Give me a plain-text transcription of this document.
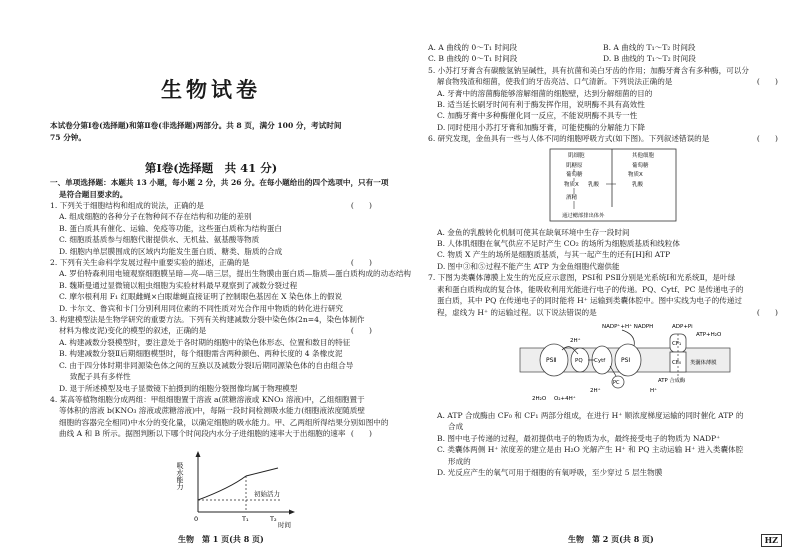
生物试卷
本试卷分第Ⅰ卷(选择题)和第Ⅱ卷(非选择题)两部分。共 8 页，满分 100 分，考试时间
75 分钟。
第Ⅰ卷(选择题　共 41 分)
一、单项选择题：本题共 13 小题，每小题 2 分，共 26 分。在每小题给出的四个选项中，只有一项
是符合题目要求的。
(　　)
1. 下列关于细胞结构和组成的说法，正确的是
A. 组成细胞的各种分子在物种间不存在结构和功能的差别
B. 蛋白质具有催化、运输、免疫等功能，这些蛋白质称为结构蛋白
C. 细胞质基质参与细胞代谢提供水、无机盐、氨基酸等物质
D. 细胞内单层膜围成的区域内均能发生蛋白质、糖类、脂质的合成
(　　)
2. 下列有关生命科学发展过程中重要实验的描述，正确的是
A. 罗伯特森利用电镜观察细胞膜呈暗—亮—暗三层，提出生物膜由蛋白质—脂质—蛋白质构成的动态结构
B. 魏斯曼通过显微镜以粗虫细胞为实验材料最早观察到了减数分裂过程
C. 摩尔根利用 F₁ 红眼雌蝇×白眼雄蝇直接证明了控制眼色基因在 X 染色体上的假说
D. 卡尔文、鲁宾和卡门分别利用同位素的不同性质对光合作用中物质的转化进行研究
3. 构建模型法是生物学研究的重要方法。下列有关构建减数分裂中染色体(2n=4，染色体制作
(　　)
材料为橡皮泥)变化的模型的叙述，正确的是
A. 构建减数分裂模型时，要注意处于各时期的细胞中的染色体形态、位置和数目的特征
B. 构建减数分裂Ⅱ后期细胞模型时，每个细胞需含两种颜色、两种长度的 4 条橡皮泥
C. 由于四分体时期非同源染色体之间的互换以及减数分裂Ⅰ后期同源染色体的自由组合导
致配子具有多样性
D. 退于所述模型及电子显微镜下拍摄到的细胞分裂图像均属于物理模型
4. 某高等植物细胞分成两组：甲组细胞置于溶液 a(蔗糖溶液或 KNO₃ 溶液)中，乙组细胞置于
等体积的溶液 b(KNO₃ 溶液或蔗糖溶液)中，每隔一段时间检测吸水能力(细胞液浓度随质壁
细胞的容器完全相同)中水分的变化量，以确定细胞的吸水能力。甲、乙两组所得结果分别如图中的
(　　)
曲线 A 和 B 所示。据图判断以下哪个时间段内水分子进细胞的速率大于出细胞的速率
吸水能力
初始活力
0	T₁	T₂
时间
生物　第 1 页(共 8 页)
A. A 曲线的 0～T₁ 时间段	B. A 曲线的 T₁～T₂ 时间段
C. B 曲线的 0～T₁ 时间段	D. B 曲线的 T₁～T₂ 时间段
5. 小苏打牙膏含有碳酸氢钠呈碱性，具有抗菌和美白牙齿的作用；加酶牙膏含有多种酶，可以分
(　　)
解食物残渣和细菌，使我们的牙齿亮洁、口气清新。下列说法正确的是
A. 牙膏中的溶菌酶能够溶解细菌的细胞壁，达到分解细菌的目的
B. 适当延长刷牙时间有利于酶发挥作用，说明酶不具有高效性
C. 加酶牙膏中多种酶催化同一反应，不能说明酶不具专一性
D. 同时使用小苏打牙膏和加酶牙膏，可能使酶的分解能力下降
(　　)
6. 研究发现，金鱼具有一些与人体不同的细胞呼吸方式(如下图)。下列叙述错误的是
肌细胞	其他细胞
肌糖原
葡萄糖
物质X 乳酸
酒精
葡萄糖
物质X
乳酸
通过鳃部排出体外
A. 金鱼的乳酸转化机制可使其在缺氧环境中生存一段时间
B. 人体肌细胞在氧气供应不足时产生 CO₂ 的场所为细胞质基质和线粒体
C. 物质 X 产生的场所是细胞质基质，与其一起产生的还有[H]和 ATP
D. 图中③和⑤过程不能产生 ATP 为金鱼细胞代谢供能
7. 下图为类囊体薄膜上发生的光反应示意图，PSⅠ和 PSⅡ分别是光系统Ⅰ和光系统Ⅱ，是叶绿
素和蛋白质构成的复合体，能吸收利用光能进行电子的传递。PQ、Cytf、PC 是传递电子的
蛋白质，其中 PQ 在传递电子的同时能将 H⁺ 运输到类囊体腔中。图中实线为电子的传递过
(　　)
程，虚线为 H⁺ 的运输过程。以下说法错误的是
NADP⁺+H⁺ NADPH	ADP+Pi
ATP+H₂O
PSⅡ	PQ Cytf	PSⅠ
PC
CF₁
CF₀ 类囊体薄膜
ATP 合成酶
2H₂O O₂+4H⁺
2H⁺
2H⁺	H⁺
A. ATP 合成酶由 CF₀ 和 CF₁ 两部分组成，在进行 H⁺ 顺浓度梯度运输的同时催化 ATP 的
合成
B. 图中电子传递的过程，最初提供电子的物质为水，最终接受电子的物质为 NADP⁺
C. 类囊体两侧 H⁺ 浓度差的建立是由 H₂O 光解产生 H⁺ 和 PQ 主动运输 H⁺ 进入类囊体腔
形成的
D. 光反应产生的氧气可用于细胞的有氧呼吸，至少穿过 5 层生物膜
生物　第 2 页(共 8 页)	HZ
